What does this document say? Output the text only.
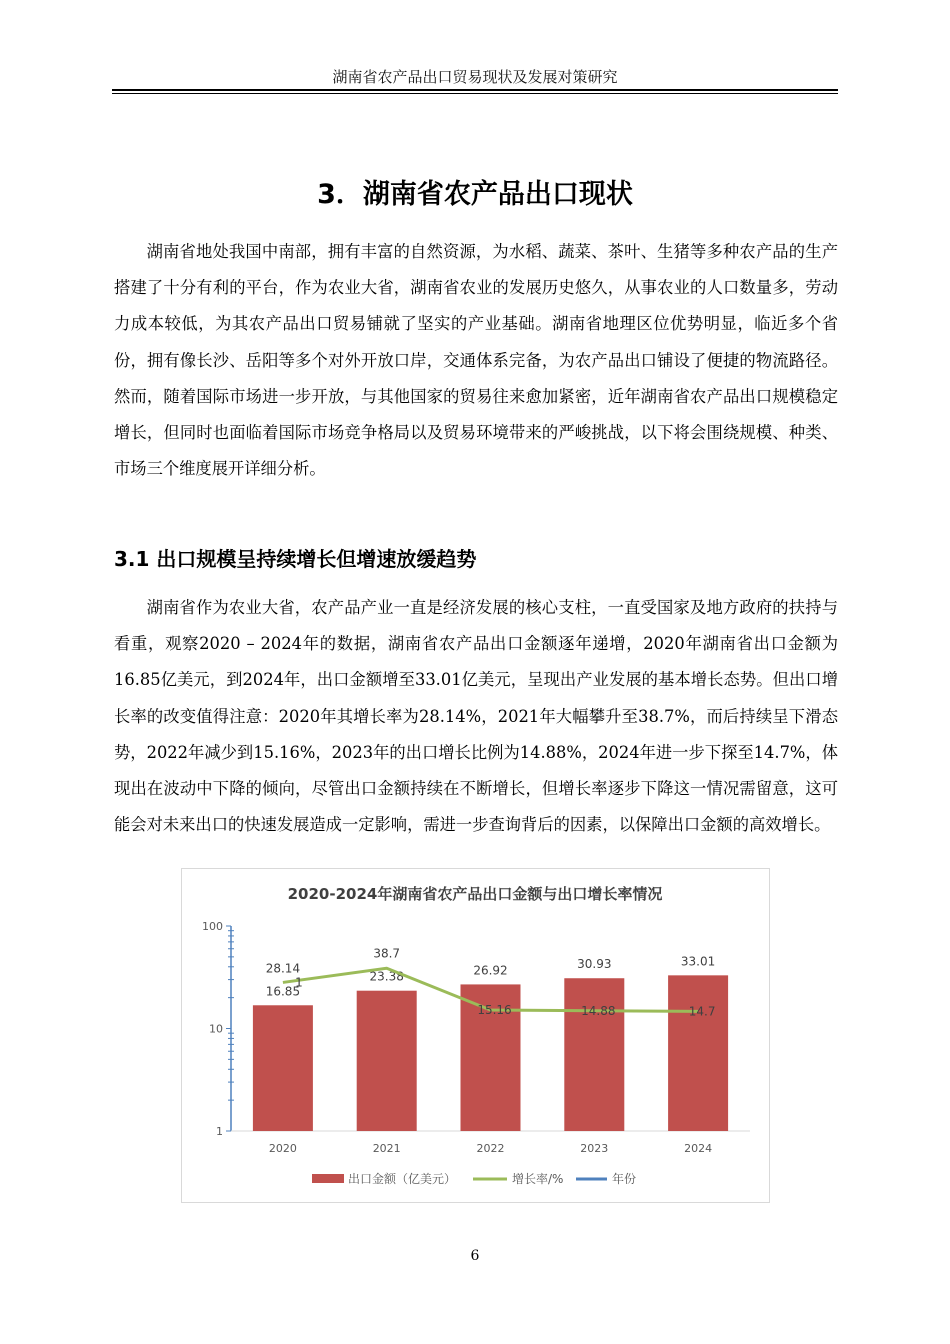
湖南省农产品出口贸易现状及发展对策研究
3．湖南省农产品出口现状

湖南省地处我国中南部，拥有丰富的自然资源，为水稻、蔬菜、茶叶、生猪等多种农产品的生产搭建了十分有利的平台，作为农业大省，湖南省农业的发展历史悠久，从事农业的人口数量多，劳动力成本较低，为其农产品出口贸易铺就了坚实的产业基础。湖南省地理区位优势明显，临近多个省份，拥有像长沙、岳阳等多个对外开放口岸，交通体系完备，为农产品出口铺设了便捷的物流路径。然而，随着国际市场进一步开放，与其他国家的贸易往来愈加紧密，近年湖南省农产品出口规模稳定增长，但同时也面临着国际市场竞争格局以及贸易环境带来的严峻挑战，以下将会围绕规模、种类、市场三个维度展开详细分析。

3.1 出口规模呈持续增长但增速放缓趋势

湖南省作为农业大省，农产品产业一直是经济发展的核心支柱，一直受国家及地方政府的扶持与看重，观察2020 – 2024年的数据，湖南省农产品出口金额逐年递增，2020年湖南省出口金额为16.85亿美元，到2024年，出口金额增至33.01亿美元，呈现出产业发展的基本增长态势。但出口增长率的改变值得注意：2020年其增长率为28.14%，2021年大幅攀升至38.7%，而后持续呈下滑态势，2022年减少到15.16%，2023年的出口增长比例为14.88%，2024年进一步下探至14.7%，体现出在波动中下降的倾向，尽管出口金额持续在不断增长，但增长率逐步下降这一情况需留意，这可能会对未来出口的快速发展造成一定影响，需进一步查询背后的因素，以保障出口金额的高效增长。

2020-2024年湖南省农产品出口金额与出口增长率情况
1
10
100
16.85
23.38	26.92	30.93	33.01
28.14
38.7
15.16	14.88	14.7
1
2020	2021	2022	2023	2024
出口金额（亿美元）	增长率/%	年份
6
